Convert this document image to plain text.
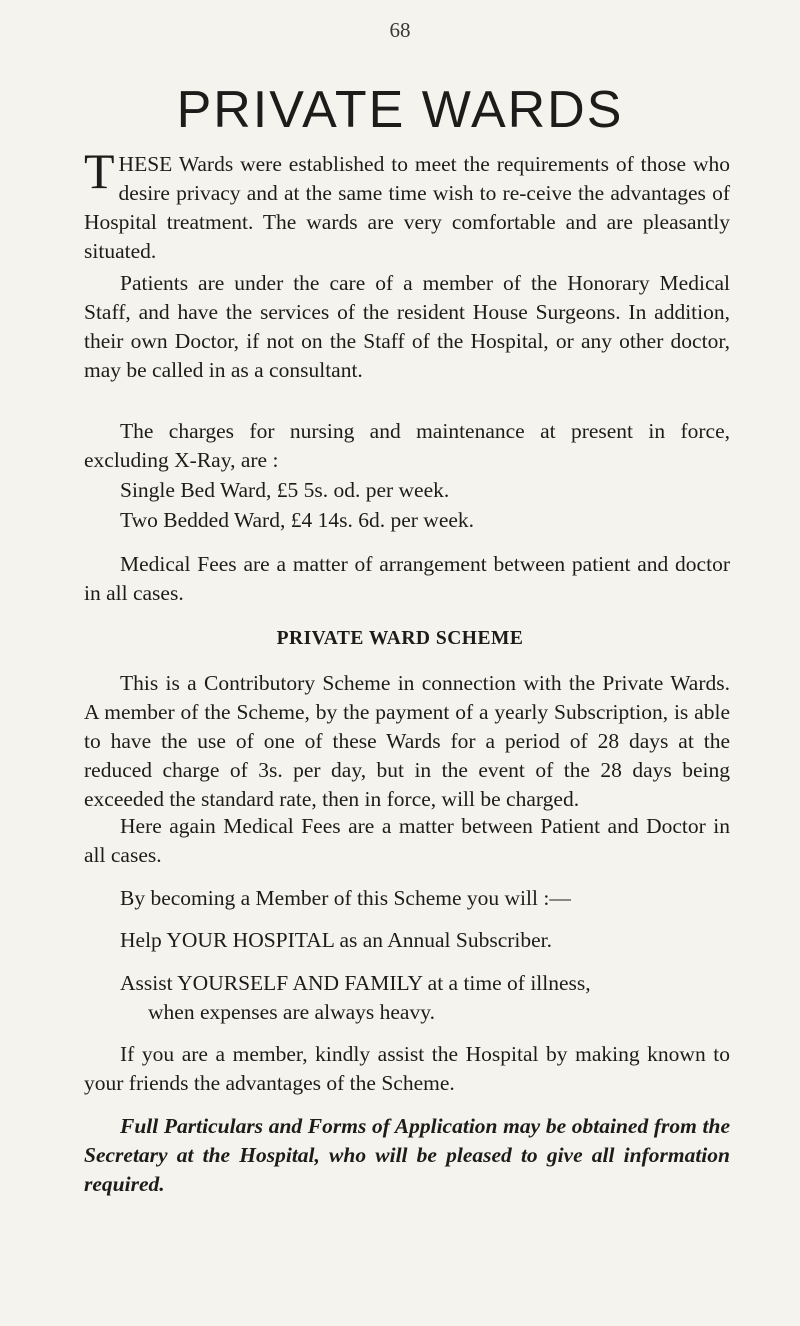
68
PRIVATE WARDS

THESE Wards were established to meet the requirements of those who desire privacy and at the same time wish to re-ceive the advantages of Hospital treatment. The wards are very comfortable and are pleasantly situated.

Patients are under the care of a member of the Honorary Medical Staff, and have the services of the resident House Surgeons. In addition, their own Doctor, if not on the Staff of the Hospital, or any other doctor, may be called in as a consultant.

The charges for nursing and maintenance at present in force, excluding X-Ray, are :

Single Bed Ward, £5 5s. od. per week.

Two Bedded Ward, £4 14s. 6d. per week.

Medical Fees are a matter of arrangement between patient and doctor in all cases.

PRIVATE WARD SCHEME

This is a Contributory Scheme in connection with the Private Wards. A member of the Scheme, by the payment of a yearly Subscription, is able to have the use of one of these Wards for a period of 28 days at the reduced charge of 3s. per day, but in the event of the 28 days being exceeded the standard rate, then in force, will be charged.

Here again Medical Fees are a matter between Patient and Doctor in all cases.

By becoming a Member of this Scheme you will :—

Help YOUR HOSPITAL as an Annual Subscriber.

Assist YOURSELF AND FAMILY at a time of illness,
when expenses are always heavy.

If you are a member, kindly assist the Hospital by making known to your friends the advantages of the Scheme.

Full Particulars and Forms of Application may be obtained from the Secretary at the Hospital, who will be pleased to give all information required.
